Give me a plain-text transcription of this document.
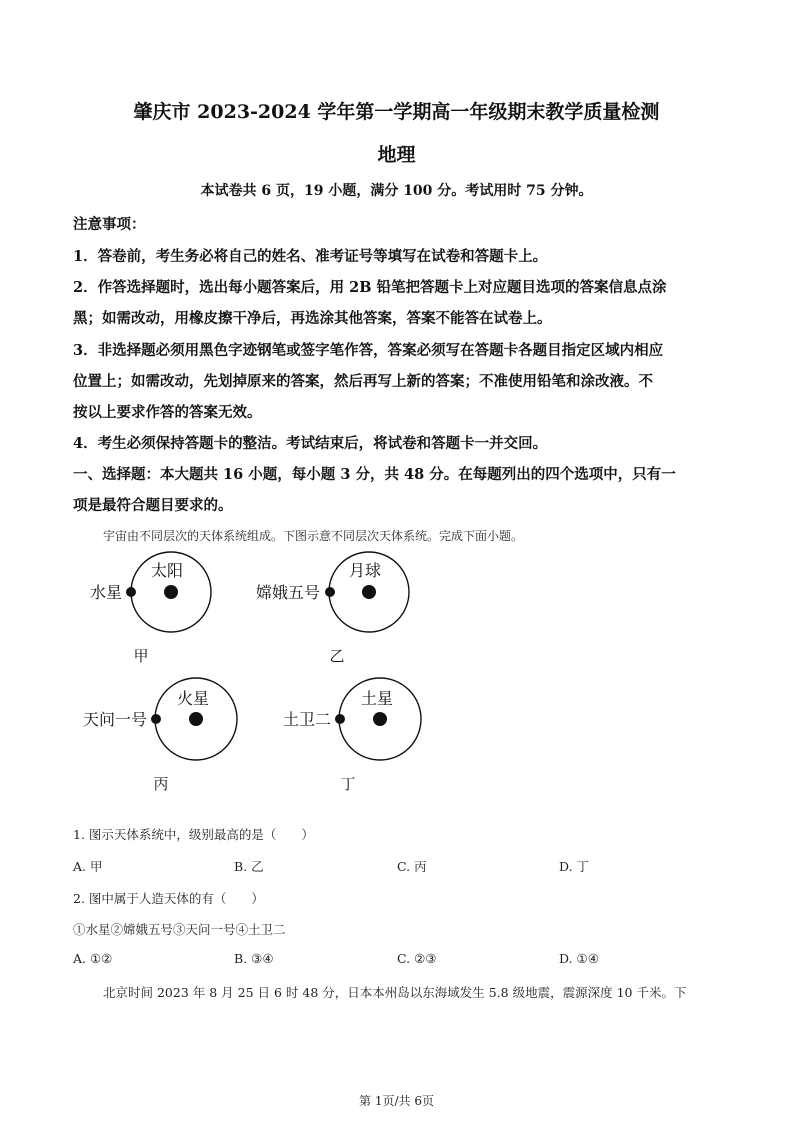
肇庆市 2023-2024 学年第一学期高一年级期末教学质量检测
地理
本试卷共 6 页，19 小题，满分 100 分。考试用时 75 分钟。
注意事项：
1．答卷前，考生务必将自己的姓名、准考证号等填写在试卷和答题卡上。
2．作答选择题时，选出每小题答案后，用 2B 铅笔把答题卡上对应题目选项的答案信息点涂
黑；如需改动，用橡皮擦干净后，再选涂其他答案，答案不能答在试卷上。
3．非选择题必须用黑色字迹钢笔或签字笔作答，答案必须写在答题卡各题目指定区域内相应
位置上；如需改动，先划掉原来的答案，然后再写上新的答案；不准使用铅笔和涂改液。不
按以上要求作答的答案无效。
4．考生必须保持答题卡的整洁。考试结束后，将试卷和答题卡一并交回。
一、选择题：本大题共 16 小题，每小题 3 分，共 48 分。在每题列出的四个选项中，只有一
项是最符合题目要求的。
宇宙由不同层次的天体系统组成。下图示意不同层次天体系统。完成下面小题。
太阳
水星
甲
月球
嫦娥五号
乙
火星
天问一号
丙
土星
土卫二
丁
1. 图示天体系统中，级别最高的是（　　）
A. 甲	B. 乙	C. 丙	D. 丁
2. 图中属于人造天体的有（　　）
①水星②嫦娥五号③天问一号④土卫二
A. ①②	B. ③④	C. ②③	D. ①④
北京时间 2023 年 8 月 25 日 6 时 48 分，日本本州岛以东海域发生 5.8 级地震，震源深度 10 千米。下
第 1页/共 6页
